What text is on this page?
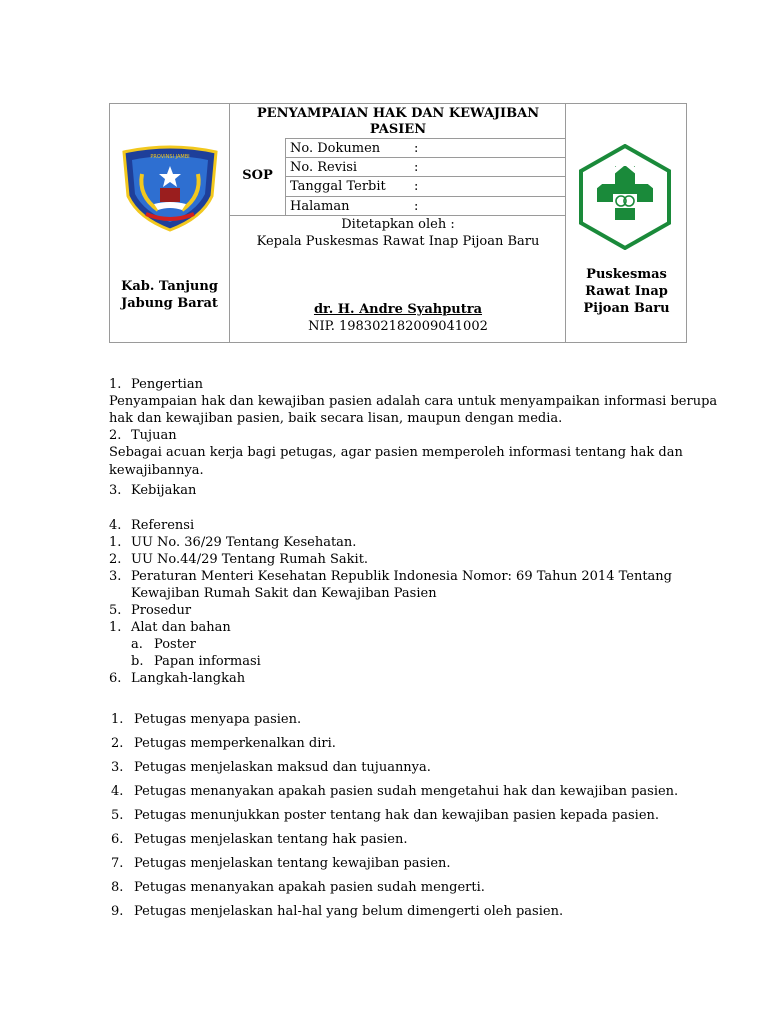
PROVINSI JAMBI
Kab. Tanjung
Jabung Barat
PENYAMPAIAN HAK DAN KEWAJIBAN
PASIEN
SOP
No. Dokumen	:
No. Revisi	:
Tanggal Terbit :
Halaman	:
Ditetapkan oleh :
Kepala Puskesmas Rawat Inap Pijoan Baru
dr. H. Andre Syahputra
NIP. 198302182009041002
Puskesmas
Rawat Inap
Pijoan Baru
1. Pengertian
Penyampaian hak dan kewajiban pasien adalah cara untuk menyampaikan informasi berupa
hak dan kewajiban pasien, baik secara lisan, maupun dengan media.
2. Tujuan
Sebagai acuan kerja bagi petugas, agar pasien memperoleh informasi tentang hak dan
kewajibannya.
3. Kebijakan
4. Referensi
1. UU No. 36/29 Tentang Kesehatan.
2. UU No.44/29 Tentang Rumah Sakit.
3. Peraturan Menteri Kesehatan Republik Indonesia Nomor: 69 Tahun 2014 Tentang
Kewajiban Rumah Sakit dan Kewajiban Pasien
5. Prosedur
1. Alat dan bahan
a. Poster
b. Papan informasi
6. Langkah-langkah
1. Petugas menyapa pasien.
2. Petugas memperkenalkan diri.
3. Petugas menjelaskan maksud dan tujuannya.
4. Petugas menanyakan apakah pasien sudah mengetahui hak dan kewajiban pasien.
5. Petugas menunjukkan poster tentang hak dan kewajiban pasien kepada pasien.
6. Petugas menjelaskan tentang hak pasien.
7. Petugas menjelaskan tentang kewajiban pasien.
8. Petugas menanyakan apakah pasien sudah mengerti.
9. Petugas menjelaskan hal-hal yang belum dimengerti oleh pasien.
